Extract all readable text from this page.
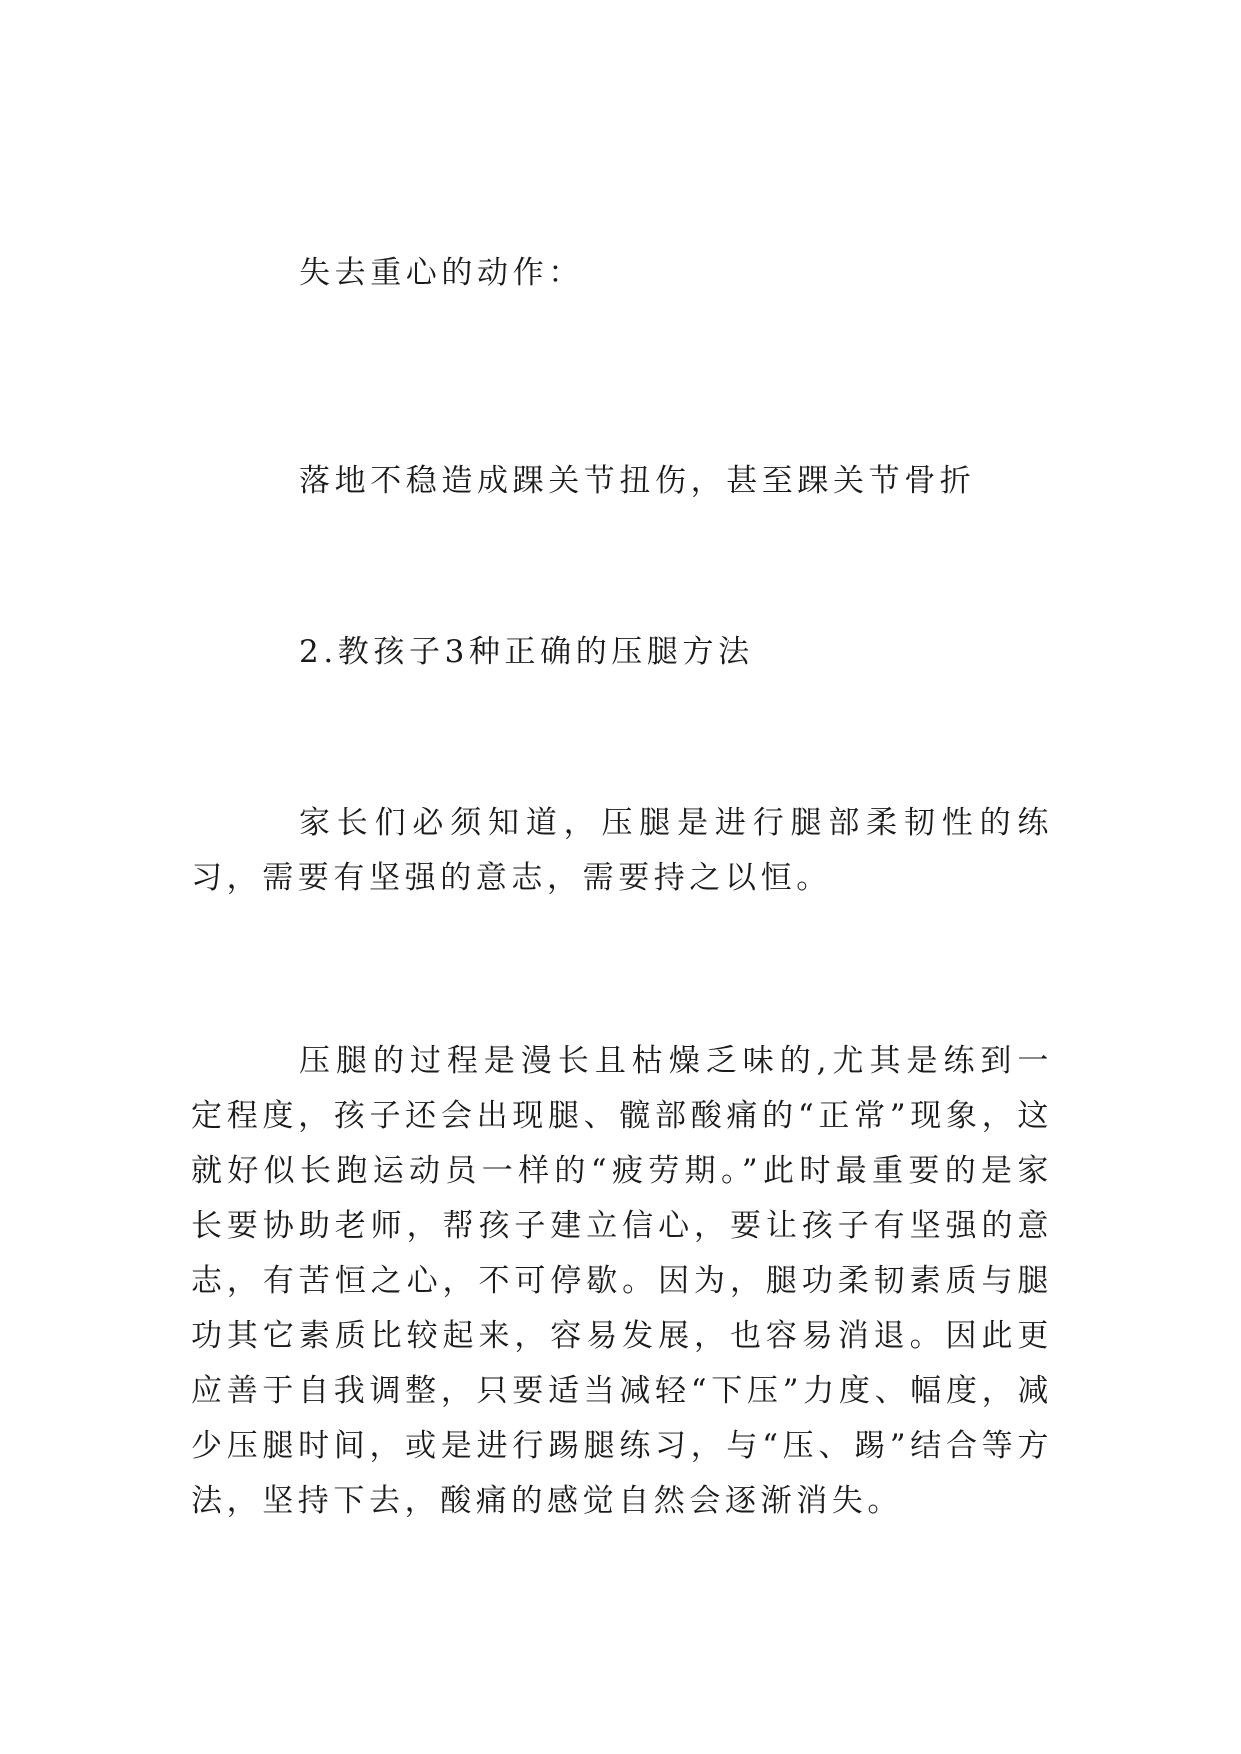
失去重心的动作：

落地不稳造成踝关节扭伤，甚至踝关节骨折

2.教孩子3种正确的压腿方法

家长们必须知道，压腿是进行腿部柔韧性的练习，需要有坚强的意志，需要持之以恒。

压腿的过程是漫长且枯燥乏味的,尤其是练到一定程度，孩子还会出现腿、髋部酸痛的“正常”现象，这就好似长跑运动员一样的“疲劳期。”此时最重要的是家长要协助老师，帮孩子建立信心，要让孩子有坚强的意志，有苦恒之心，不可停歇。因为，腿功柔韧素质与腿功其它素质比较起来，容易发展，也容易消退。因此更应善于自我调整，只要适当减轻“下压”力度、幅度，减少压腿时间，或是进行踢腿练习，与“压、踢”结合等方法，坚持下去，酸痛的感觉自然会逐渐消失。
